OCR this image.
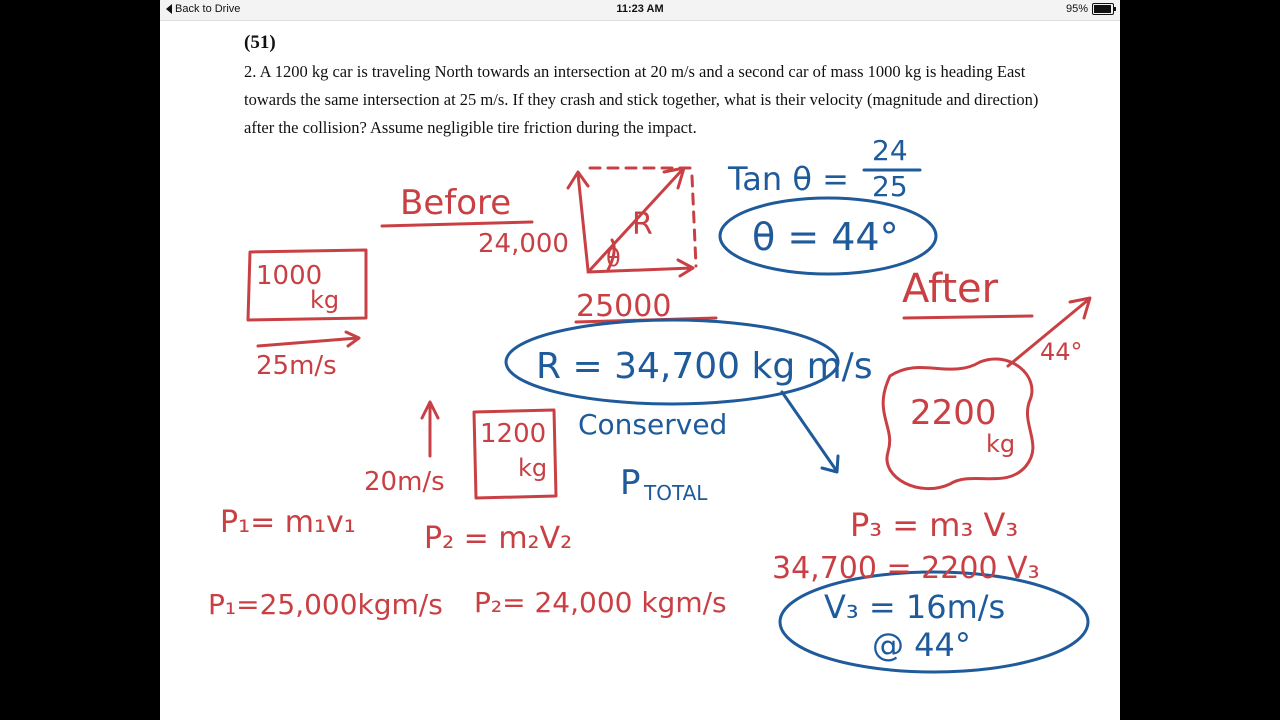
Back to Drive	11:23 AM	95%
(51)
2. A 1200 kg car is traveling North towards an intersection at 20 m/s and a second car of mass 1000 kg is heading East towards the same intersection at 25 m/s. If they crash and stick together, what is their velocity (magnitude and direction) after the collision? Assume negligible tire friction during the impact.
Before
1000
kg
25m/s
24,000
R
θ
25000
1200
kg
20m/s
After
44°
2200
kg
P₁= m₁v₁ P₂ = m₂V₂
P₁=25,000kgm/s P₂= 24,000 kgm/s
P₃ = m₃ V₃
34,700 = 2200 V₃
Tan θ =
24
25
θ = 44°
R = 34,700 kg m/s
Conserved
P TOTAL
V₃ = 16m/s
@ 44°
